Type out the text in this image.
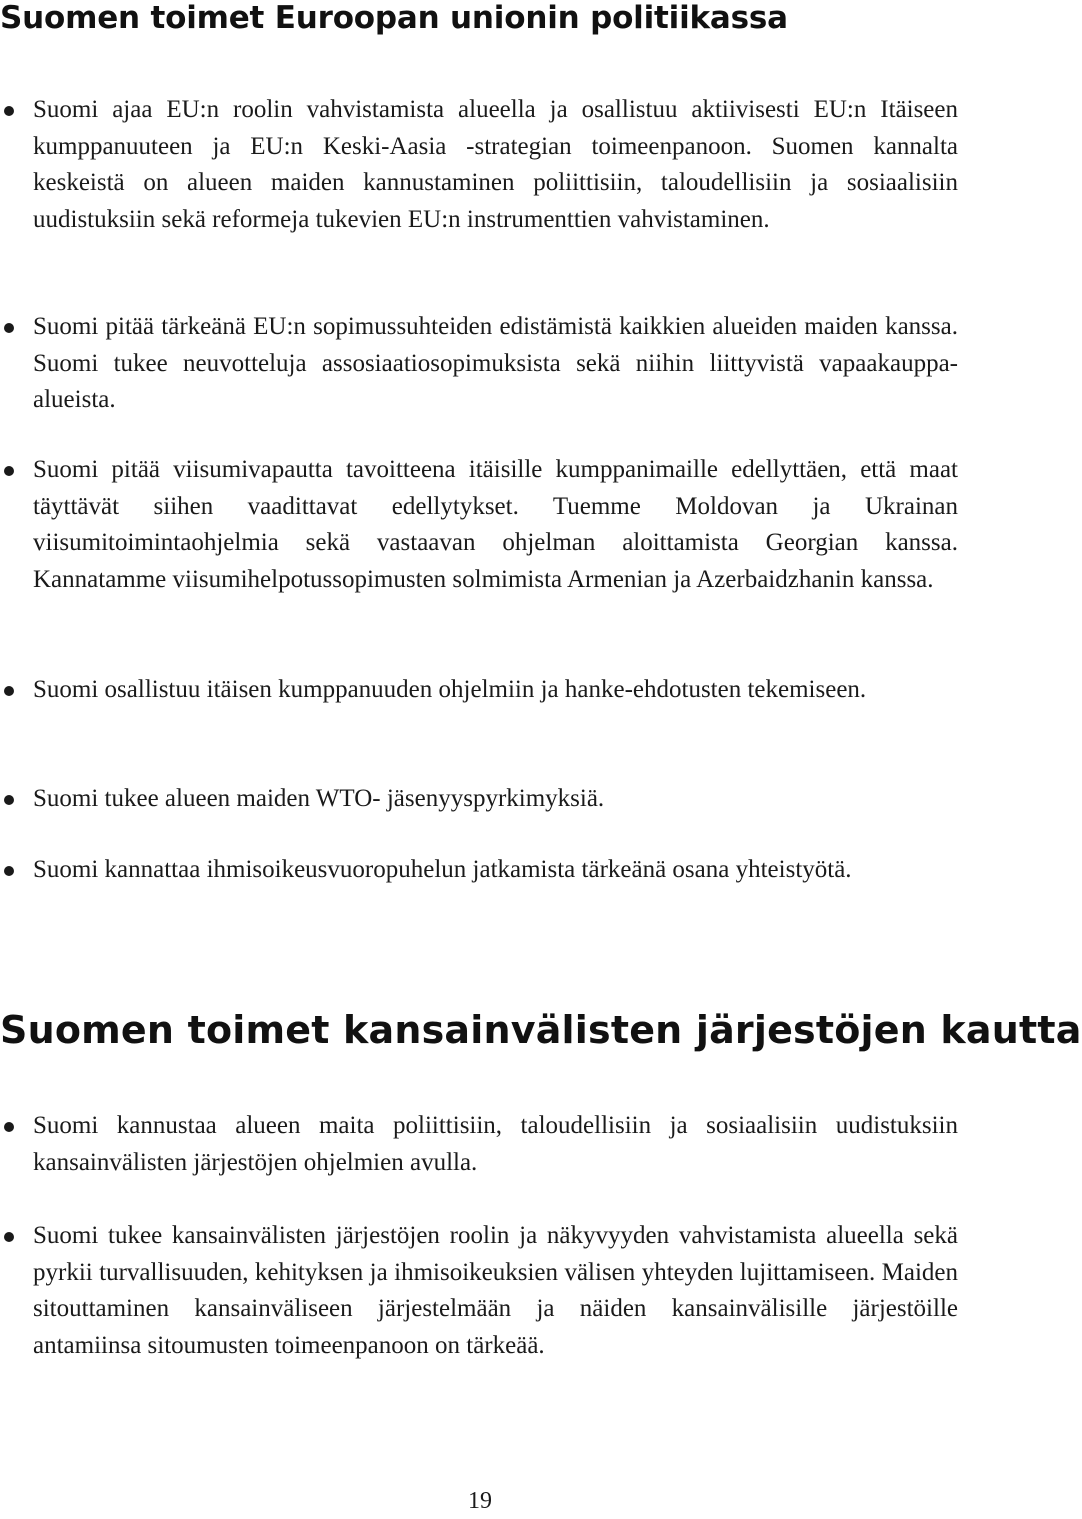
Suomen toimet Euroopan unionin politiikassa

Suomi ajaa EU:n roolin vahvistamista alueella ja osallistuu aktiivisesti EU:n Itäiseen kumppanuuteen ja EU:n Keski-Aasia -strategian toimeenpanoon. Suomen kannalta keskeistä on alueen maiden kannustaminen poliittisiin, taloudellisiin ja sosiaalisiin uudistuksiin sekä reformeja tukevien EU:n instrumenttien vahvistaminen.

Suomi pitää tärkeänä EU:n sopimussuhteiden edistämistä kaikkien alueiden maiden kanssa. Suomi tukee neuvotteluja assosiaatiosopimuksista sekä niihin liittyvistä vapaakauppa-alueista.

Suomi pitää viisumivapautta tavoitteena itäisille kumppanimaille edellyttäen, että maat täyttävät siihen vaadittavat edellytykset. Tuemme Moldovan ja Ukrainan viisumitoimintaohjelmia sekä vastaavan ohjelman aloittamista Georgian kanssa. Kannatamme viisumihelpotussopimusten solmimista Armenian ja Azerbaidzhanin kanssa.

Suomi osallistuu itäisen kumppanuuden ohjelmiin ja hanke-ehdotusten tekemiseen.

Suomi tukee alueen maiden WTO- jäsenyyspyrkimyksiä.

Suomi kannattaa ihmisoikeusvuoropuhelun jatkamista tärkeänä osana yhteistyötä.

Suomen toimet kansainvälisten järjestöjen kautta

Suomi kannustaa alueen maita poliittisiin, taloudellisiin ja sosiaalisiin uudistuksiin kansainvälisten järjestöjen ohjelmien avulla.

Suomi tukee kansainvälisten järjestöjen roolin ja näkyvyyden vahvistamista alueella sekä pyrkii turvallisuuden, kehityksen ja ihmisoikeuksien välisen yhteyden lujittamiseen. Maiden sitouttaminen kansainväliseen järjestelmään ja näiden kansainvälisille järjestöille antamiinsa sitoumusten toimeenpanoon on tärkeää.

19
